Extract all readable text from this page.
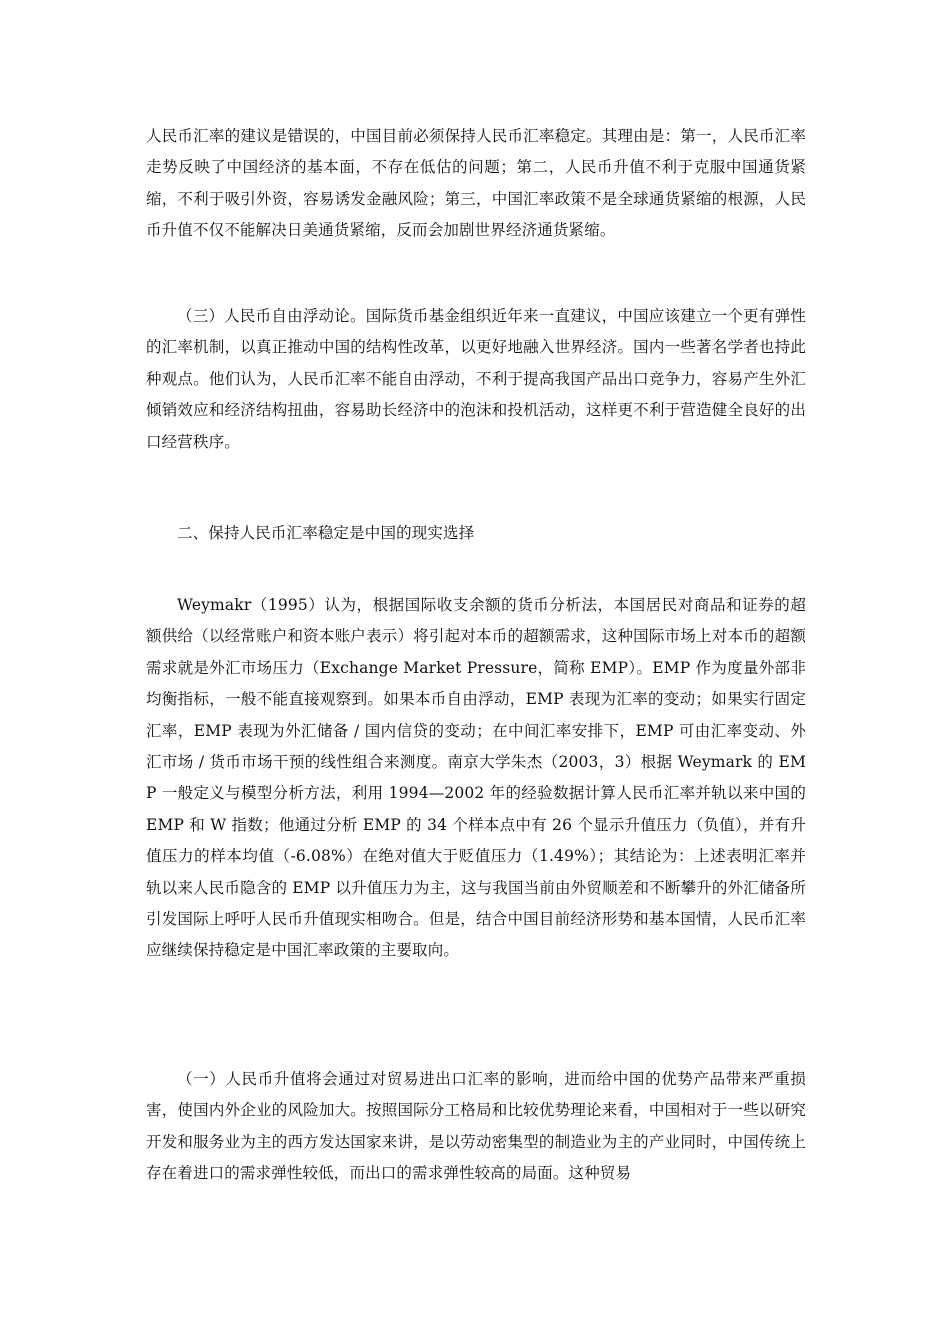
人民币汇率的建议是错误的，中国目前必须保持人民币汇率稳定。其理由是：第一，人民币汇率走势反映了中国经济的基本面，不存在低估的问题；第二，人民币升值不利于克服中国通货紧缩，不利于吸引外资，容易诱发金融风险；第三，中国汇率政策不是全球通货紧缩的根源，人民币升值不仅不能解决日美通货紧缩，反而会加剧世界经济通货紧缩。

（三）人民币自由浮动论。国际货币基金组织近年来一直建议，中国应该建立一个更有弹性的汇率机制，以真正推动中国的结构性改革，以更好地融入世界经济。国内一些著名学者也持此种观点。他们认为，人民币汇率不能自由浮动，不利于提高我国产品出口竞争力，容易产生外汇倾销效应和经济结构扭曲，容易助长经济中的泡沫和投机活动，这样更不利于营造健全良好的出口经营秩序。

二、保持人民币汇率稳定是中国的现实选择

Weymakr（1995）认为，根据国际收支余额的货币分析法，本国居民对商品和证券的超额供给（以经常账户和资本账户表示）将引起对本币的超额需求，这种国际市场上对本币的超额需求就是外汇市场压力（Exchange Market Pressure，简称 EMP）。EMP 作为度量外部非均衡指标，一般不能直接观察到。如果本币自由浮动，EMP 表现为汇率的变动；如果实行固定汇率，EMP 表现为外汇储备 / 国内信贷的变动；在中间汇率安排下，EMP 可由汇率变动、外汇市场 / 货币市场干预的线性组合来测度。南京大学朱杰（2003，3）根据 Weymark 的 EMP 一般定义与模型分析方法，利用 1994—2002 年的经验数据计算人民币汇率并轨以来中国的 EMP 和 W 指数；他通过分析 EMP 的 34 个样本点中有 26 个显示升值压力（负值），并有升值压力的样本均值（-6.08%）在绝对值大于贬值压力（1.49%）；其结论为：上述表明汇率并轨以来人民币隐含的 EMP 以升值压力为主，这与我国当前由外贸顺差和不断攀升的外汇储备所引发国际上呼吁人民币升值现实相吻合。但是，结合中国目前经济形势和基本国情，人民币汇率应继续保持稳定是中国汇率政策的主要取向。

（一）人民币升值将会通过对贸易进出口汇率的影响，进而给中国的优势产品带来严重损害，使国内外企业的风险加大。按照国际分工格局和比较优势理论来看，中国相对于一些以研究开发和服务业为主的西方发达国家来讲，是以劳动密集型的制造业为主的产业同时，中国传统上存在着进口的需求弹性较低，而出口的需求弹性较高的局面。这种贸易
